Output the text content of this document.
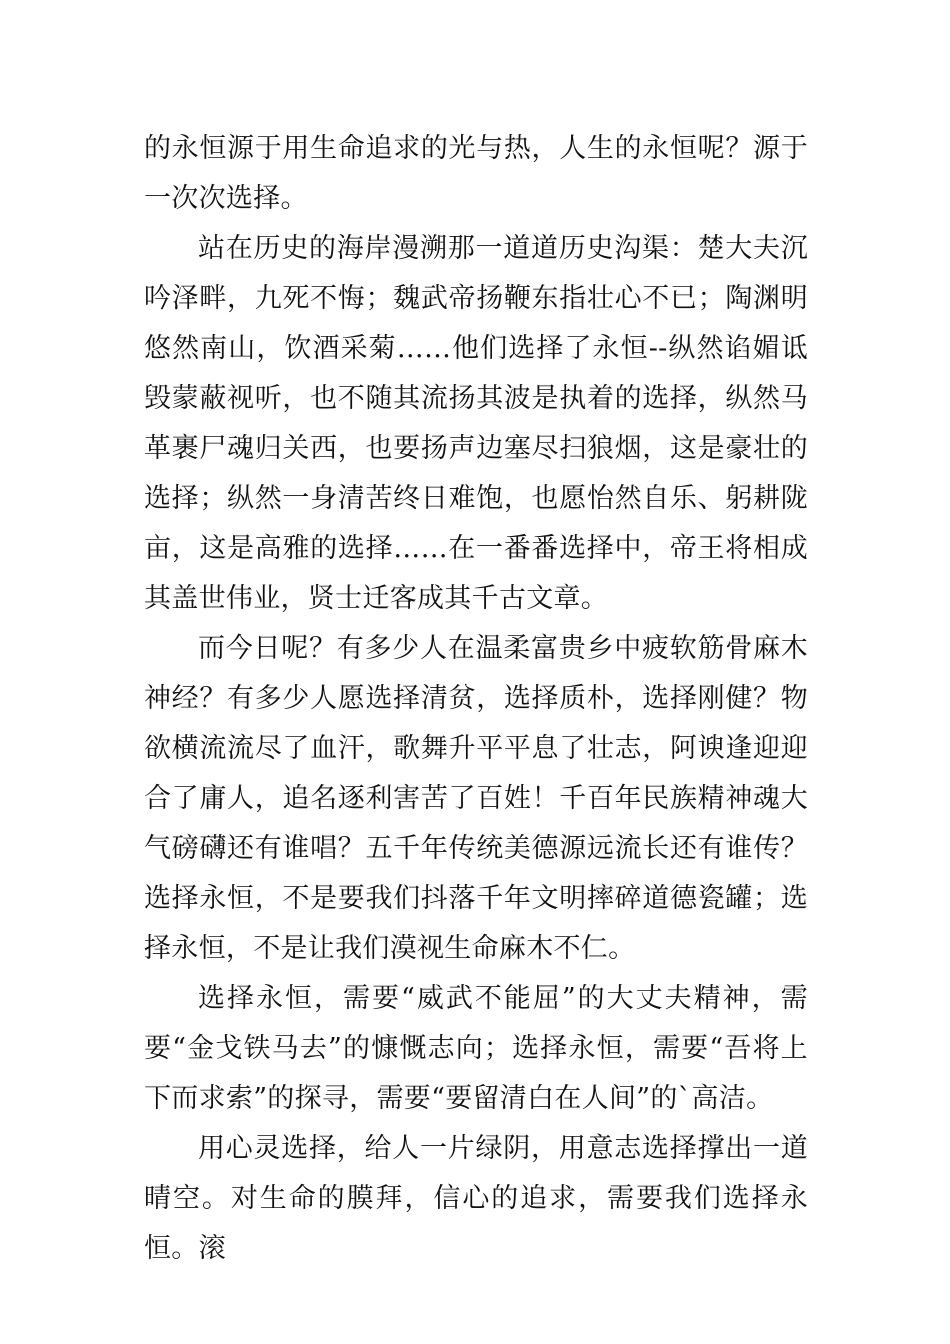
的永恒源于用生命追求的光与热，人生的永恒呢？源于一次次选择。

站在历史的海岸漫溯那一道道历史沟渠：楚大夫沉吟泽畔，九死不悔；魏武帝扬鞭东指壮心不已；陶渊明悠然南山，饮酒采菊……他们选择了永恒--纵然谄媚诋毁蒙蔽视听，也不随其流扬其波是执着的选择，纵然马革裹尸魂归关西，也要扬声边塞尽扫狼烟，这是豪壮的选择；纵然一身清苦终日难饱，也愿怡然自乐、躬耕陇亩，这是高雅的选择……在一番番选择中，帝王将相成其盖世伟业，贤士迁客成其千古文章。

而今日呢？有多少人在温柔富贵乡中疲软筋骨麻木神经？有多少人愿选择清贫，选择质朴，选择刚健？物欲横流流尽了血汗，歌舞升平平息了壮志，阿谀逢迎迎合了庸人，追名逐利害苦了百姓！千百年民族精神魂大气磅礴还有谁唱？五千年传统美德源远流长还有谁传？选择永恒，不是要我们抖落千年文明摔碎道德瓷罐；选择永恒，不是让我们漠视生命麻木不仁。

选择永恒，需要“威武不能屈”的大丈夫精神，需要“金戈铁马去”的慷慨志向；选择永恒，需要“吾将上下而求索”的探寻，需要“要留清白在人间”的`高洁。

用心灵选择，给人一片绿阴，用意志选择撑出一道晴空。对生命的膜拜，信心的追求，需要我们选择永恒。滚
